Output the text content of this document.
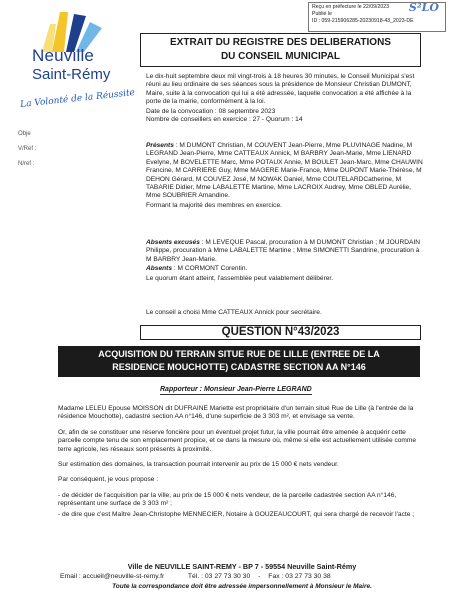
Reçu en préfecture le 22/09/2023
Publié le
ID : 059-215906285-20230918-43_2023-DE
S²LO
Neuville
Saint-Rémy
La Volonté de la Réussite
Obje
V/Ref :
N/ref :
EXTRAIT DU REGISTRE DES DELIBERATIONS
DU CONSEIL MUNICIPAL

Le dix-huit septembre deux mil vingt-trois à 18 heures 30 minutes, le Conseil Municipal s'est réuni au lieu ordinaire de ses séances sous la présidence de Monsieur Christian DUMONT, Maire, suite à la convocation qui lui a été adressée, laquelle convocation a été affichée à la porte de la mairie, conformément à la loi.

Date de la convocation : 08 septembre 2023

Nombre de conseillers en exercice : 27 - Quorum : 14

Présents : M DUMONT Christian, M COUVENT Jean-Pierre, Mme PLUVINAGE Nadine, M LEGRAND Jean-Pierre, Mme CATTEAUX Annick, M BARBRY Jean-Marie, Mme LIENARD Evelyne, M BOVELETTE Marc, Mme POTAUX Annie, M BOULET Jean-Marc, Mme CHAUWIN Francine, M CARRIERE Guy, Mme MAGERE Marie-France, Mme DUPONT Marie-Thérèse, M DEHON Gérard, M COUVEZ José, M NOWAK Daniel, Mme COUTELARDCatherine, M TABARIE Didier, Mme LABALETTE Martine, Mme LACROIX Audrey, Mme OBLED Aurélie, Mme SOUBRIER Amandine.

Formant la majorité des membres en exercice.

Absents excusés : M LEVEQUE Pascal, procuration à M DUMONT Christian ; M JOURDAIN Philippe, procuration à Mme LABALETTE Martine ; Mme SIMONETTI Sandrine, procuration à M BARBRY Jean-Marie.

Absents : M CORMONT Corentin.

Le quorum étant atteint, l'assemblée peut valablement délibérer.

Le conseil a choisi Mme CATTEAUX Annick pour secrétaire.

QUESTION N°43/2023
ACQUISITION DU TERRAIN SITUE RUE DE LILLE (ENTREE DE LA
RESIDENCE MOUCHOTTE) CADASTRE SECTION AA N°146
Rapporteur : Monsieur Jean-Pierre LEGRAND

Madame LELEU Epouse MOISSON dit DUFRAINE Mariette est propriétaire d'un terrain situé Rue de Lille (à l'entrée de la résidence Mouchotte), cadastré section AA n°146, d'une superficie de 3 303 m², et envisage sa vente.

Or, afin de se constituer une réserve foncière pour un éventuel projet futur, la ville pourrait être amenée à acquérir cette parcelle compte tenu de son emplacement propice, et ce dans la mesure où, même si elle est actuellement utilisée comme terre agricole, les réseaux sont présents à proximité.

Sur estimation des domaines, la transaction pourrait intervenir au prix de 15 000 € nets vendeur.

Par conséquent, je vous propose :

- de décider de l'acquisition par la ville, au prix de 15 000 € nets vendeur, de la parcelle cadastrée section AA n°146, représentant une surface de 3 303 m² ;

- de dire que c'est Maître Jean-Christophe MENNECIER, Notaire à GOUZEAUCOURT, qui sera chargé de recevoir l'acte ;

Ville de NEUVILLE SAINT-REMY - BP 7 - 59554 Neuville Saint-Rémy
Email : accueil@neuville-st-remy.fr	Tél. : 03 27 73 30 30 - Fax : 03 27 73 30 38
Toute la correspondance doit être adressée impersonnellement à Monsieur le Maire.
